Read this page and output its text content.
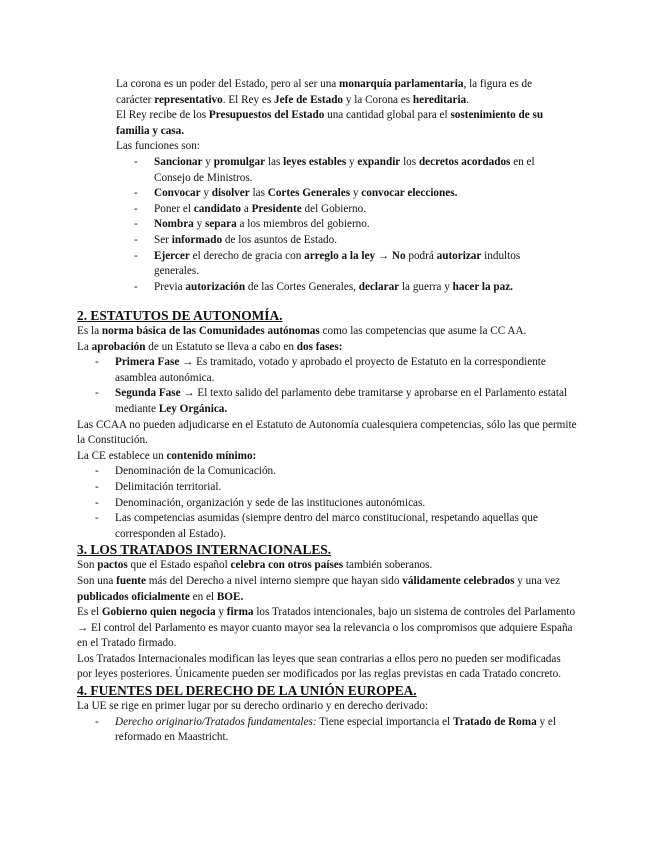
La corona es un poder del Estado, pero al ser una monarquía parlamentaria, la figura es de carácter representativo. El Rey es Jefe de Estado y la Corona es hereditaria.

El Rey recibe de los Presupuestos del Estado una cantidad global para el sostenimiento de su familia y casa.

Las funciones son:

- Sancionar y promulgar las leyes estables y expandir los decretos acordados en el Consejo de Ministros.
- Convocar y disolver las Cortes Generales y convocar elecciones.
- Poner el candidato a Presidente del Gobierno.
- Nombra y separa a los miembros del gobierno.
- Ser informado de los asuntos de Estado.
- Ejercer el derecho de gracia con arreglo a la ley → No podrá autorizar indultos generales.
- Previa autorización de las Cortes Generales, declarar la guerra y hacer la paz.
2. ESTATUTOS DE AUTONOMÍA.

Es la norma básica de las Comunidades autónomas como las competencias que asume la CC AA.

La aprobación de un Estatuto se lleva a cabo en dos fases:

- Primera Fase → Es tramitado, votado y aprobado el proyecto de Estatuto en la correspondiente asamblea autonómica.
- Segunda Fase → El texto salido del parlamento debe tramitarse y aprobarse en el Parlamento estatal mediante Ley Orgánica.

Las CCAA no pueden adjudicarse en el Estatuto de Autonomía cualesquiera competencias, sólo las que permite la Constitución.

La CE establece un contenido mínimo:

- Denominación de la Comunicación.
- Delimitación territorial.
- Denominación, organización y sede de las instituciones autonómicas.
- Las competencias asumidas (siempre dentro del marco constitucional, respetando aquellas que corresponden al Estado).
3. LOS TRATADOS INTERNACIONALES.

Son pactos que el Estado español celebra con otros países también soberanos.

Son una fuente más del Derecho a nivel interno siempre que hayan sido válidamente celebrados y una vez publicados oficialmente en el BOE.

Es el Gobierno quien negocia y firma los Tratados intencionales, bajo un sistema de controles del Parlamento → El control del Parlamento es mayor cuanto mayor sea la relevancia o los compromisos que adquiere España en el Tratado firmado.

Los Tratados Internacionales modifican las leyes que sean contrarias a ellos pero no pueden ser modificadas por leyes posteriores. Únicamente pueden ser modificados por las reglas previstas en cada Tratado concreto.

4. FUENTES DEL DERECHO DE LA UNIÓN EUROPEA.

La UE se rige en primer lugar por su derecho ordinario y en derecho derivado:

- Derecho originario/Tratados fundamentales: Tiene especial importancia el Tratado de Roma y el reformado en Maastricht.
